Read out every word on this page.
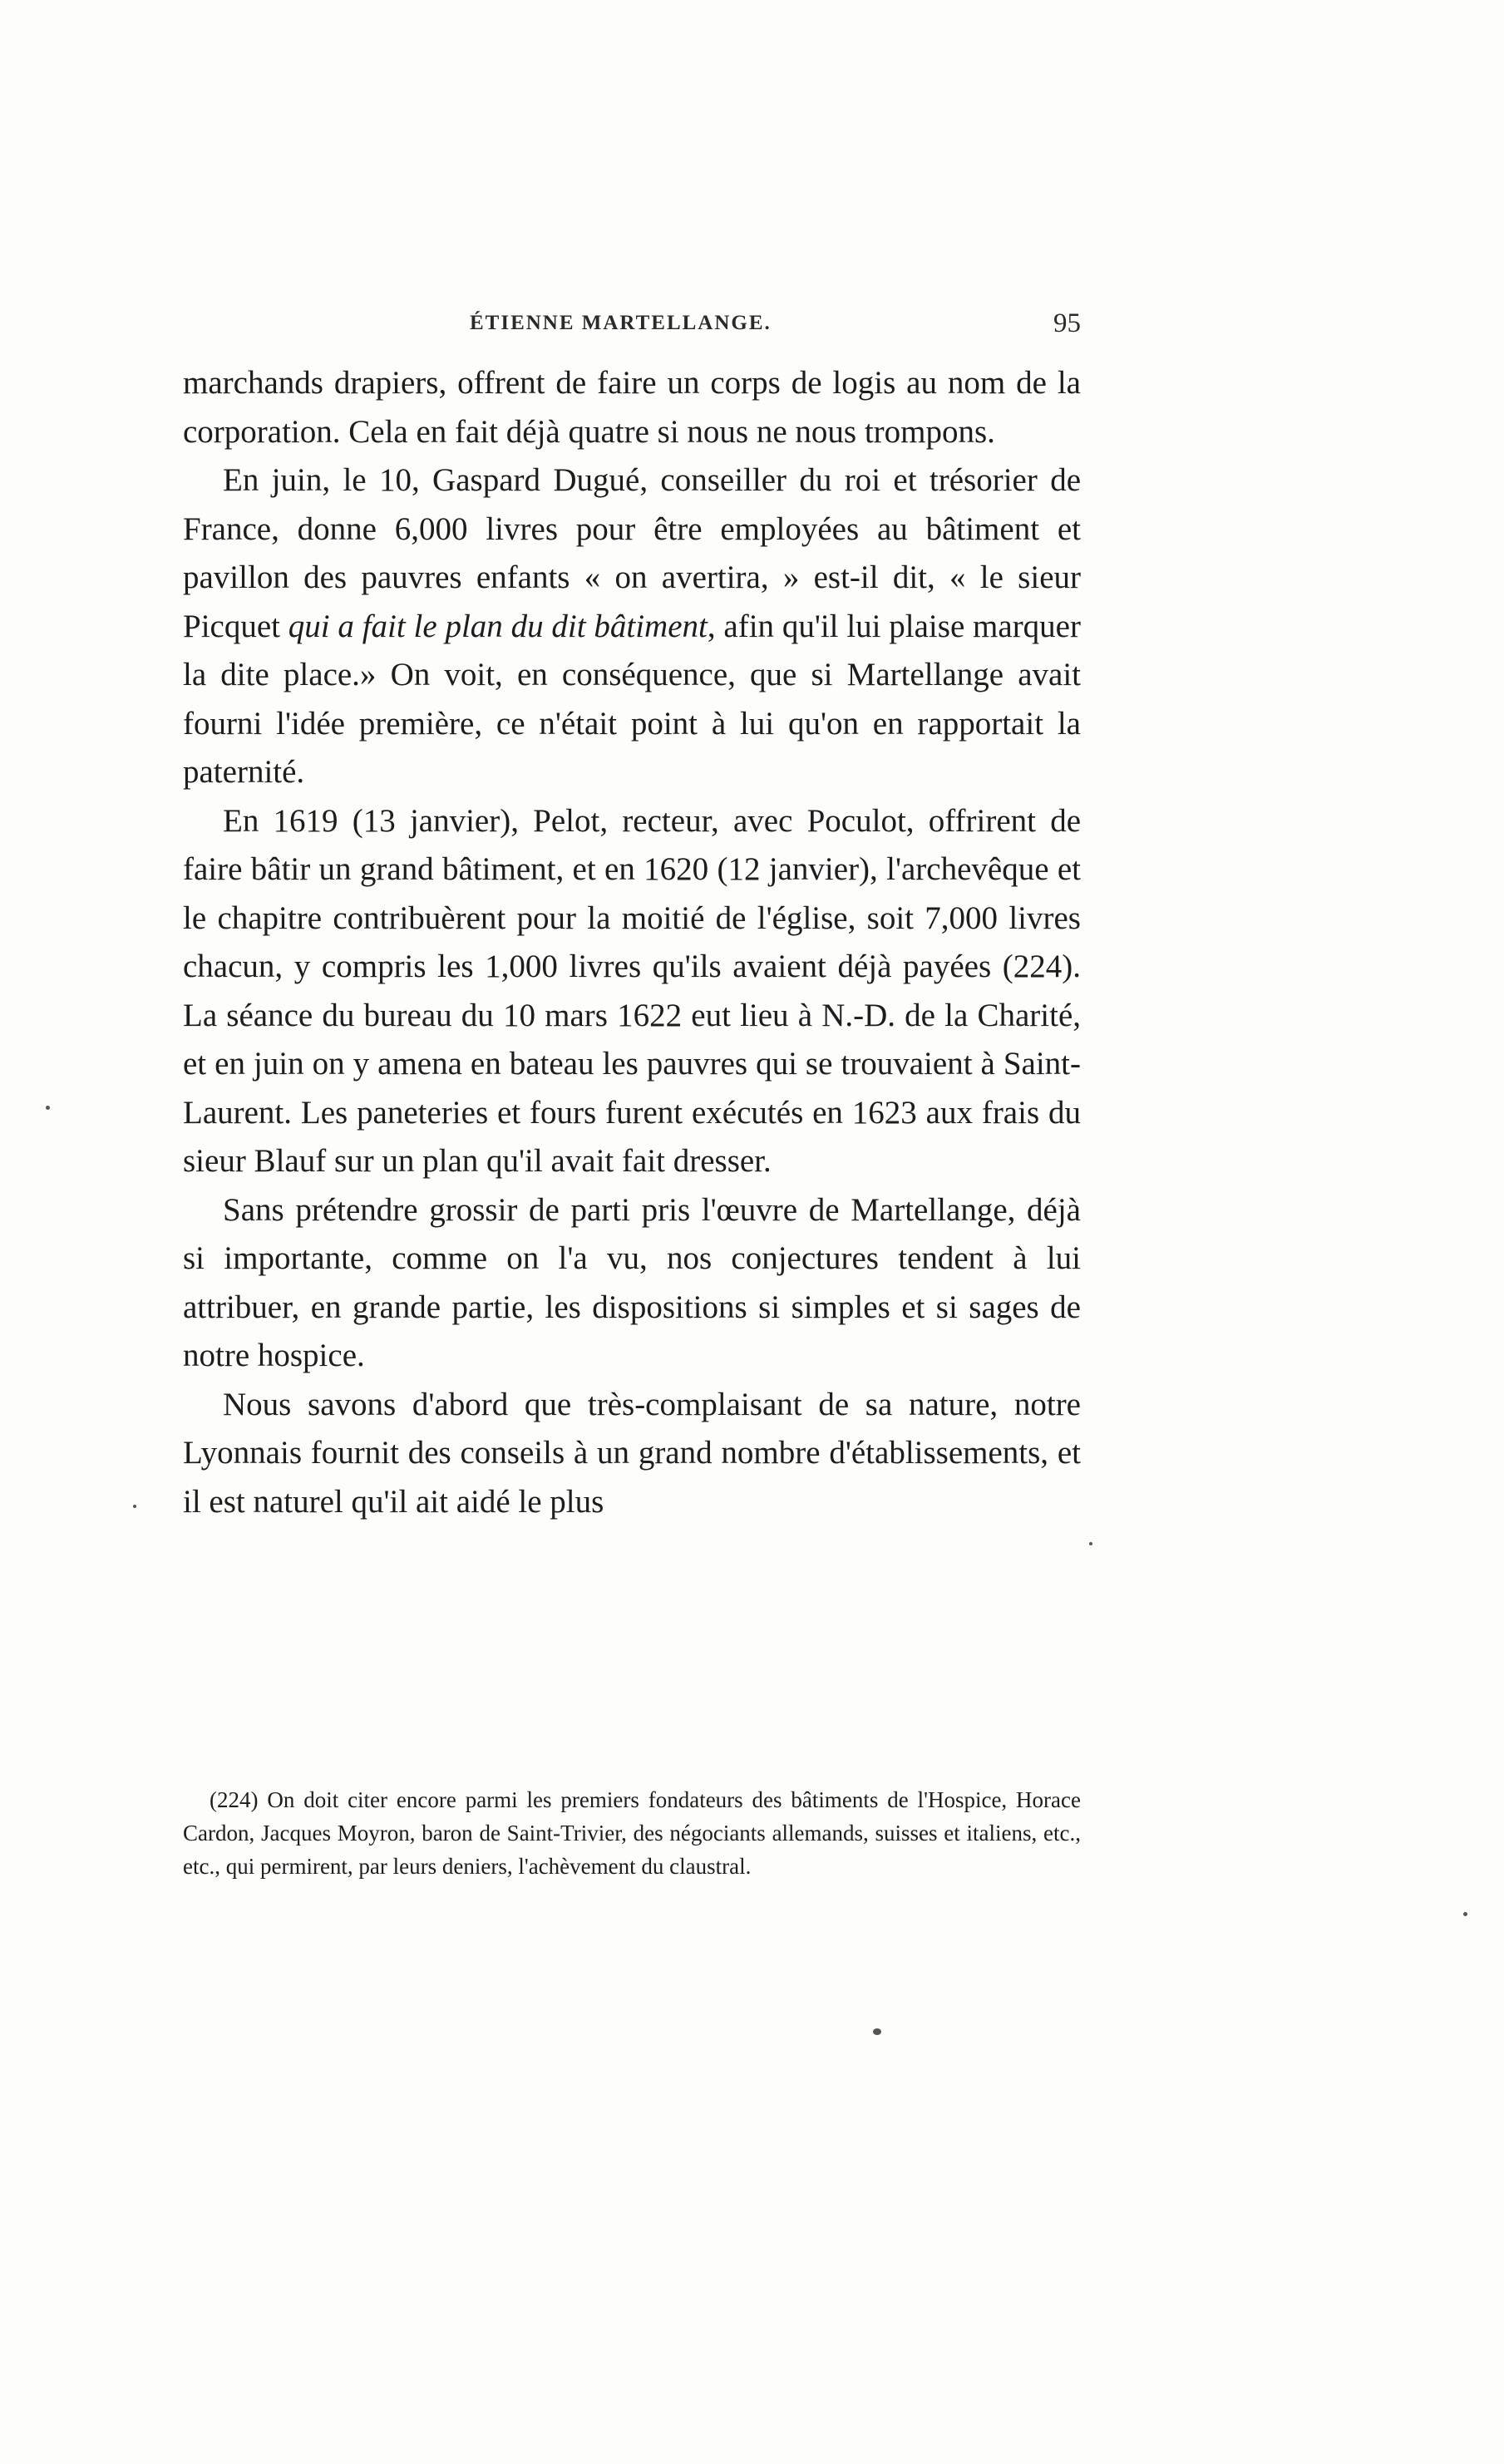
ÉTIENNE MARTELLANGE.	95

marchands drapiers, offrent de faire un corps de logis au nom de la corporation. Cela en fait déjà quatre si nous ne nous trompons.

En juin, le 10, Gaspard Dugué, conseiller du roi et trésorier de France, donne 6,000 livres pour être employées au bâtiment et pavillon des pauvres enfants « on avertira, » est-il dit, « le sieur Picquet qui a fait le plan du dit bâtiment, afin qu'il lui plaise marquer la dite place.» On voit, en conséquence, que si Martellange avait fourni l'idée première, ce n'était point à lui qu'on en rapportait la paternité.

En 1619 (13 janvier), Pelot, recteur, avec Poculot, offrirent de faire bâtir un grand bâtiment, et en 1620 (12 janvier), l'archevêque et le chapitre contribuèrent pour la moitié de l'église, soit 7,000 livres chacun, y compris les 1,000 livres qu'ils avaient déjà payées (224). La séance du bureau du 10 mars 1622 eut lieu à N.-D. de la Charité, et en juin on y amena en bateau les pauvres qui se trouvaient à Saint-Laurent. Les paneteries et fours furent exécutés en 1623 aux frais du sieur Blauf sur un plan qu'il avait fait dresser.

Sans prétendre grossir de parti pris l'œuvre de Martellange, déjà si importante, comme on l'a vu, nos conjectures tendent à lui attribuer, en grande partie, les dispositions si simples et si sages de notre hospice.

Nous savons d'abord que très-complaisant de sa nature, notre Lyonnais fournit des conseils à un grand nombre d'établissements, et il est naturel qu'il ait aidé le plus

(224) On doit citer encore parmi les premiers fondateurs des bâtiments de l'Hospice, Horace Cardon, Jacques Moyron, baron de Saint-Trivier, des négociants allemands, suisses et italiens, etc., etc., qui permirent, par leurs deniers, l'achèvement du claustral.
